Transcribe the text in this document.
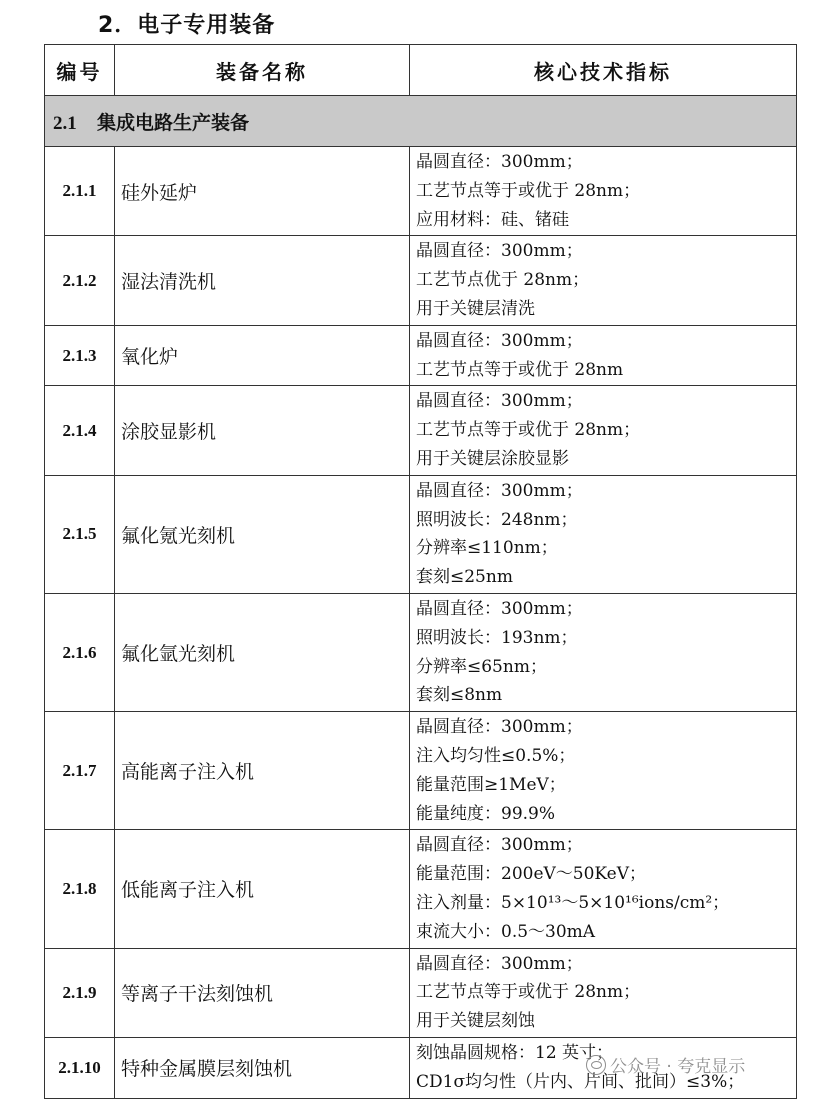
2．电子专用装备
编号	装备名称	核心技术指标
2.1 集成电路生产装备		
2.1.1	硅外延炉	晶圆直径：300mm；
工艺节点等于或优于 28nm；
应用材料：硅、锗硅

2.1.2	湿法清洗机	晶圆直径：300mm；
工艺节点优于 28nm；
用于关键层清洗

2.1.3	氧化炉	晶圆直径：300mm；
工艺节点等于或优于 28nm

2.1.4	涂胶显影机	晶圆直径：300mm；
工艺节点等于或优于 28nm；
用于关键层涂胶显影

2.1.5	氟化氪光刻机	晶圆直径：300mm；
照明波长：248nm；
分辨率≤110nm；
套刻≤25nm

2.1.6	氟化氩光刻机	晶圆直径：300mm；
照明波长：193nm；
分辨率≤65nm；
套刻≤8nm

2.1.7	高能离子注入机	晶圆直径：300mm；
注入均匀性≤0.5%；
能量范围≥1MeV；
能量纯度：99.9%

2.1.8	低能离子注入机	晶圆直径：300mm；
能量范围：200eV～50KeV；
注入剂量：5×10¹³～5×10¹⁶ions/cm²；
束流大小：0.5～30mA

2.1.9	等离子干法刻蚀机	晶圆直径：300mm；
工艺节点等于或优于 28nm；
用于关键层刻蚀

2.1.10	特种金属膜层刻蚀机	刻蚀晶圆规格：12 英寸；
CD1σ均匀性（片内、片间、批间）≤3%；
公众号 · 夸克显示
